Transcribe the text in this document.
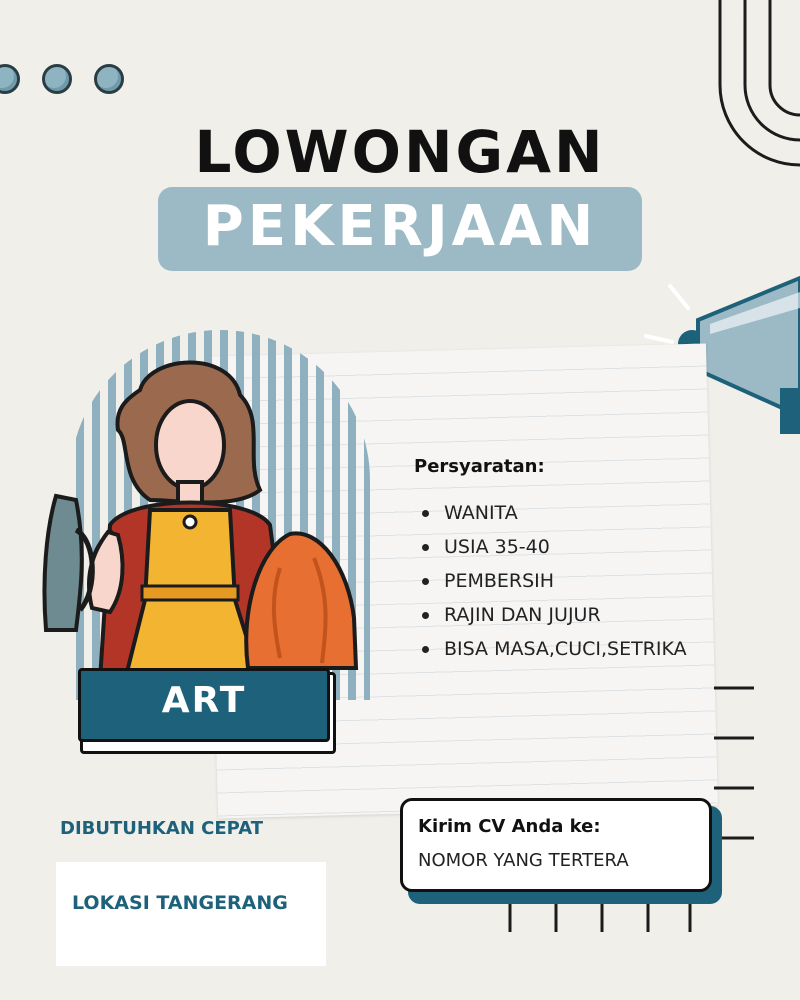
LOWONGAN
PEKERJAAN
Persyaratan:
WANITA
USIA 35-40
PEMBERSIH
RAJIN DAN JUJUR
BISA MASA,CUCI,SETRIKA
ART
DIBUTUHKAN CEPAT
LOKASI TANGERANG
Kirim CV Anda ke:
NOMOR YANG TERTERA
